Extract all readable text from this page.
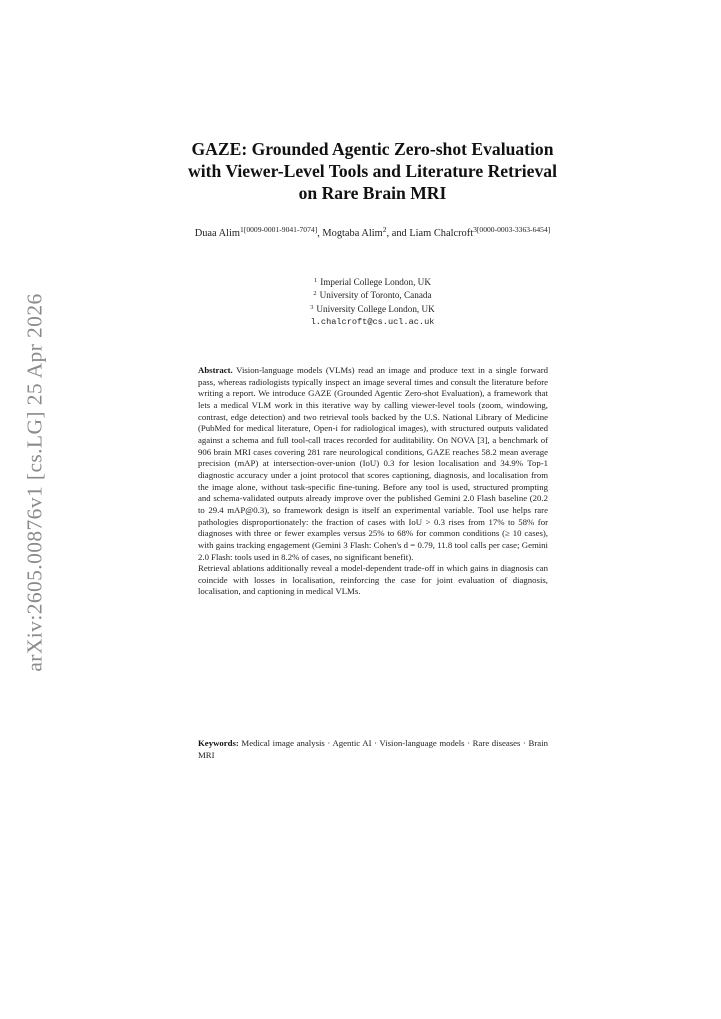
arXiv:2605.00876v1 [cs.LG] 25 Apr 2026
GAZE: Grounded Agentic Zero-shot Evaluation
with Viewer-Level Tools and Literature Retrieval
on Rare Brain MRI
Duaa Alim$^{1[0009-0001-9041-7074]}$, Mogtaba Alim$^2$, and Liam Chalcroft$^{3[0000-0003-3363-6454]}$
$^1$ Imperial College London, UK
$^2$ University of Toronto, Canada
$^3$ University College London, UK
l.chalcroft@cs.ucl.ac.uk

Abstract. Vision-language models (VLMs) read an image and produce text in a single forward pass, whereas radiologists typically inspect an image several times and consult the literature before writing a report. We introduce GAZE (Grounded Agentic Zero-shot Evaluation), a framework that lets a medical VLM work in this iterative way by calling viewer-level tools (zoom, windowing, contrast, edge detection) and two retrieval tools backed by the U.S. National Library of Medicine (PubMed for medical literature, Open-i for radiological images), with structured outputs validated against a schema and full tool-call traces recorded for auditability. On NOVA [3], a benchmark of 906 brain MRI cases covering 281 rare neurological conditions, GAZE reaches 58.2 mean average precision (mAP) at intersection-over-union (IoU) 0.3 for lesion localisation and 34.9% Top-1 diagnostic accuracy under a joint protocol that scores captioning, diagnosis, and localisation from the image alone, without task-specific fine-tuning. Before any tool is used, structured prompting and schema-validated outputs already improve over the published Gemini 2.0 Flash baseline (20.2 to 29.4 mAP@0.3), so framework design is itself an experimental variable. Tool use helps rare pathologies disproportionately: the fraction of cases with IoU > 0.3 rises from 17% to 58% for diagnoses with three or fewer examples versus 25% to 68% for common conditions (≥ 10 cases), with gains tracking engagement (Gemini 3 Flash: Cohen's d = 0.79, 11.8 tool calls per case; Gemini 2.0 Flash: tools used in 8.2% of cases, no significant benefit).

Retrieval ablations additionally reveal a model-dependent trade-off in which gains in diagnosis can coincide with losses in localisation, reinforcing the case for joint evaluation of diagnosis, localisation, and captioning in medical VLMs.

Keywords: Medical image analysis · Agentic AI · Vision-language models · Rare diseases · Brain MRI
